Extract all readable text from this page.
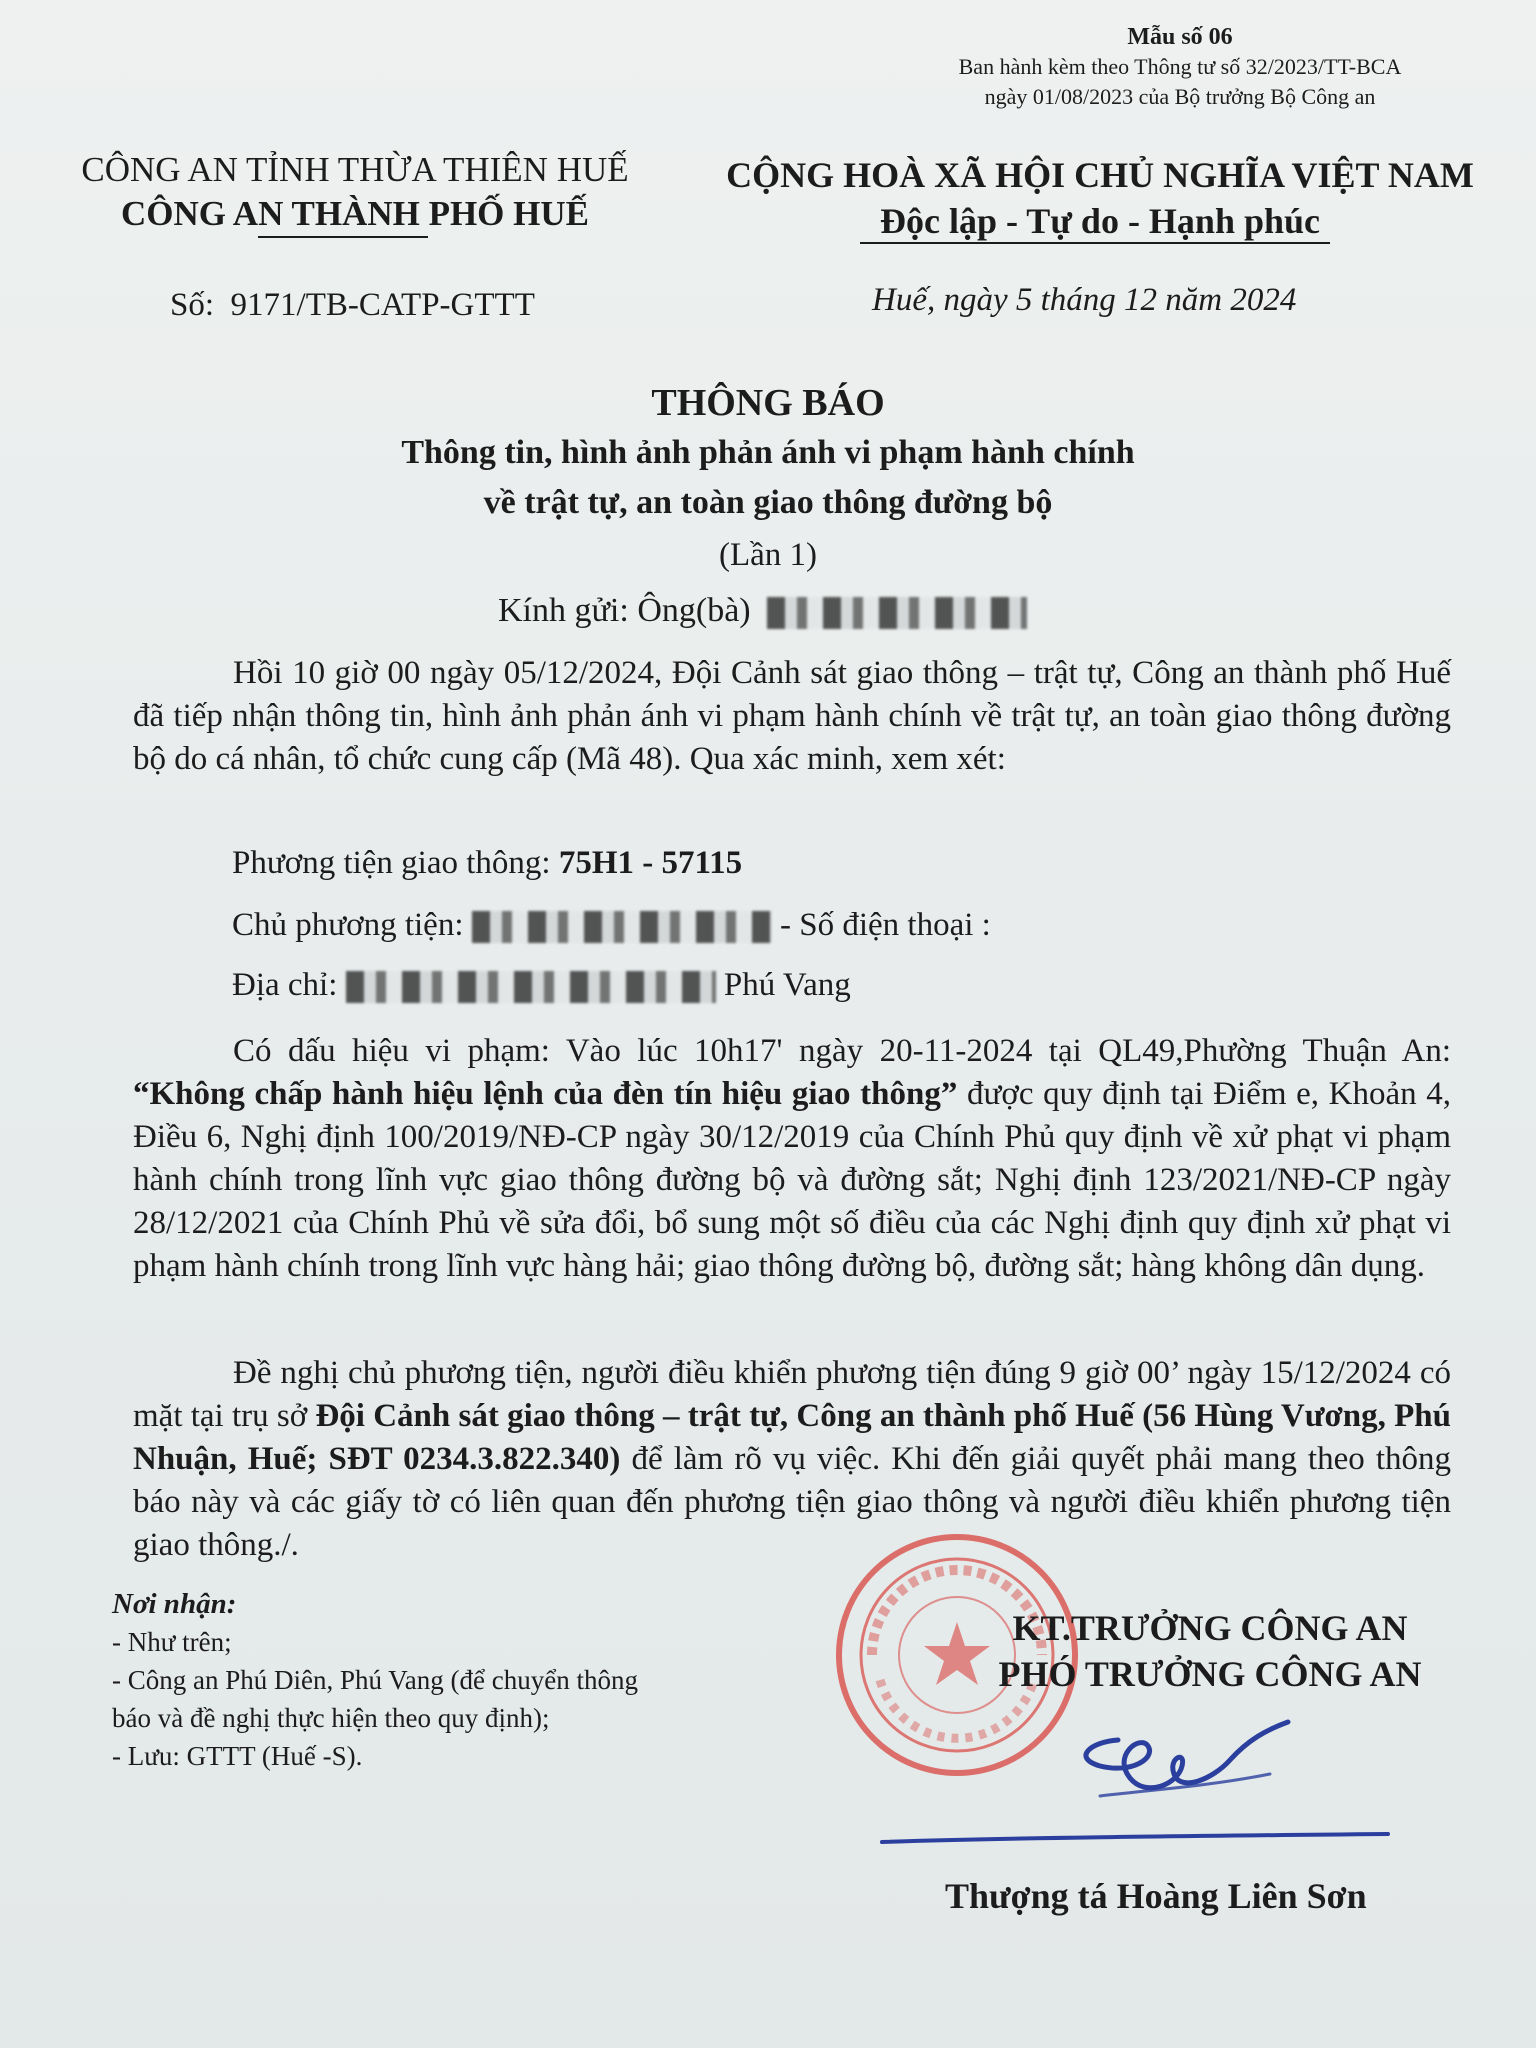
Mẫu số 06
Ban hành kèm theo Thông tư số 32/2023/TT-BCA
ngày 01/08/2023 của Bộ trưởng Bộ Công an
CÔNG AN TỈNH THỪA THIÊN HUẾ
CÔNG AN THÀNH PHỐ HUẾ
CỘNG HOÀ XÃ HỘI CHỦ NGHĨA VIỆT NAM
Độc lập - Tự do - Hạnh phúc
Số: 9171/TB-CATP-GTTT	Huế, ngày 5 tháng 12 năm 2024
THÔNG BÁO
Thông tin, hình ảnh phản ánh vi phạm hành chính
về trật tự, an toàn giao thông đường bộ
(Lần 1)
Kính gửi: Ông(bà)
Hồi 10 giờ 00 ngày 05/12/2024, Đội Cảnh sát giao thông – trật tự, Công an thành phố Huế đã tiếp nhận thông tin, hình ảnh phản ánh vi phạm hành chính về trật tự, an toàn giao thông đường bộ do cá nhân, tổ chức cung cấp (Mã 48). Qua xác minh, xem xét:
Phương tiện giao thông: 75H1 - 57115
Chủ phương tiện:	- Số điện thoại :
Địa chỉ:	Phú Vang
Có dấu hiệu vi phạm: Vào lúc 10h17' ngày 20-11-2024 tại QL49,Phường Thuận An: “Không chấp hành hiệu lệnh của đèn tín hiệu giao thông” được quy định tại Điểm e, Khoản 4, Điều 6, Nghị định 100/2019/NĐ-CP ngày 30/12/2019 của Chính Phủ quy định về xử phạt vi phạm hành chính trong lĩnh vực giao thông đường bộ và đường sắt; Nghị định 123/2021/NĐ-CP ngày 28/12/2021 của Chính Phủ về sửa đổi, bổ sung một số điều của các Nghị định quy định xử phạt vi phạm hành chính trong lĩnh vực hàng hải; giao thông đường bộ, đường sắt; hàng không dân dụng.
Đề nghị chủ phương tiện, người điều khiển phương tiện đúng 9 giờ 00’ ngày 15/12/2024 có mặt tại trụ sở Đội Cảnh sát giao thông – trật tự, Công an thành phố Huế (56 Hùng Vương, Phú Nhuận, Huế; SĐT 0234.3.822.340) để làm rõ vụ việc. Khi đến giải quyết phải mang theo thông báo này và các giấy tờ có liên quan đến phương tiện giao thông và người điều khiển phương tiện giao thông./.
Nơi nhận:
- Như trên;
- Công an Phú Diên, Phú Vang (để chuyển thông
báo và đề nghị thực hiện theo quy định);
- Lưu: GTTT (Huế -S).
KT.TRƯỞNG CÔNG AN
PHÓ TRƯỞNG CÔNG AN
Thượng tá Hoàng Liên Sơn
